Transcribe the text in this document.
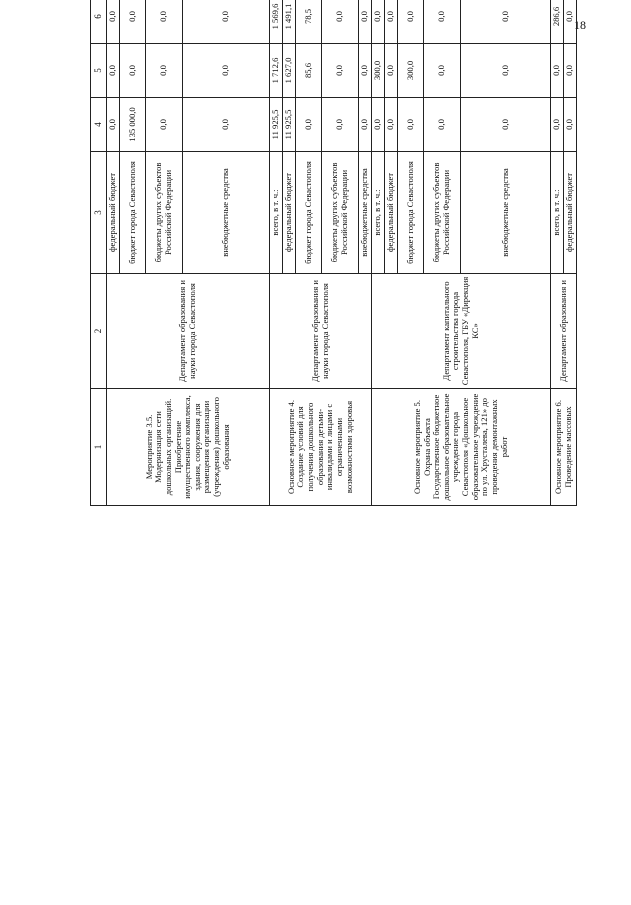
18
1	2	3	4	5	6				
Мероприятие 3.5. Модернизация сети дошкольных организаций. Приобретение имущественного комплекса, здания, сооружения для размещения организации (учреждения) дошкольного образования	Департамент образования и науки города Севастополя	федеральный бюджет	0,0	0,0	0,0				
		бюджет города Севастополя	135 000,0	0,0	0,0				
		бюджеты других субъектов Российской Федерации	0,0	0,0	0,0				
		внебюджетные средства	0,0	0,0	0,0				
Основное мероприятие 4. Создание условий для получения дошкольного образования детьми-инвалидами и лицами с ограниченными возможностями здоровья	Департамент образования и науки города Севастополя	всего, в т. ч.:	11 925,5	1 712,6	1 569,6				
		федеральный бюджет	11 925,5	1 627,0	1 491,1				
		бюджет города Севастополя	0,0	85,6	78,5				
		бюджеты других субъектов Российской Федерации	0,0	0,0	0,0				
		внебюджетные средства	0,0	0,0	0,0				
Основное мероприятие 5. Охрана объекта Государственное бюджетное дошкольное образовательное учреждение города Севастополя «Дошкольное образовательное учреждение по ул. Хрусталева, 121» до проведения демонтажных работ	Департамент капитального строительства города Севастополя, ГБУ «Дирекция КС»	всего, в т. ч.:	0,0	300,0	0,0				
		федеральный бюджет	0,0	0,0	0,0				
		бюджет города Севастополя	0,0	300,0	0,0				
		бюджеты других субъектов Российской Федерации	0,0	0,0	0,0				
		внебюджетные средства	0,0	0,0	0,0				
Основное мероприятие 6. Проведение массовых	Департамент образования и	всего, в т. ч.:	0,0	0,0	286,6				
		федеральный бюджет	0,0	0,0	0,0				
